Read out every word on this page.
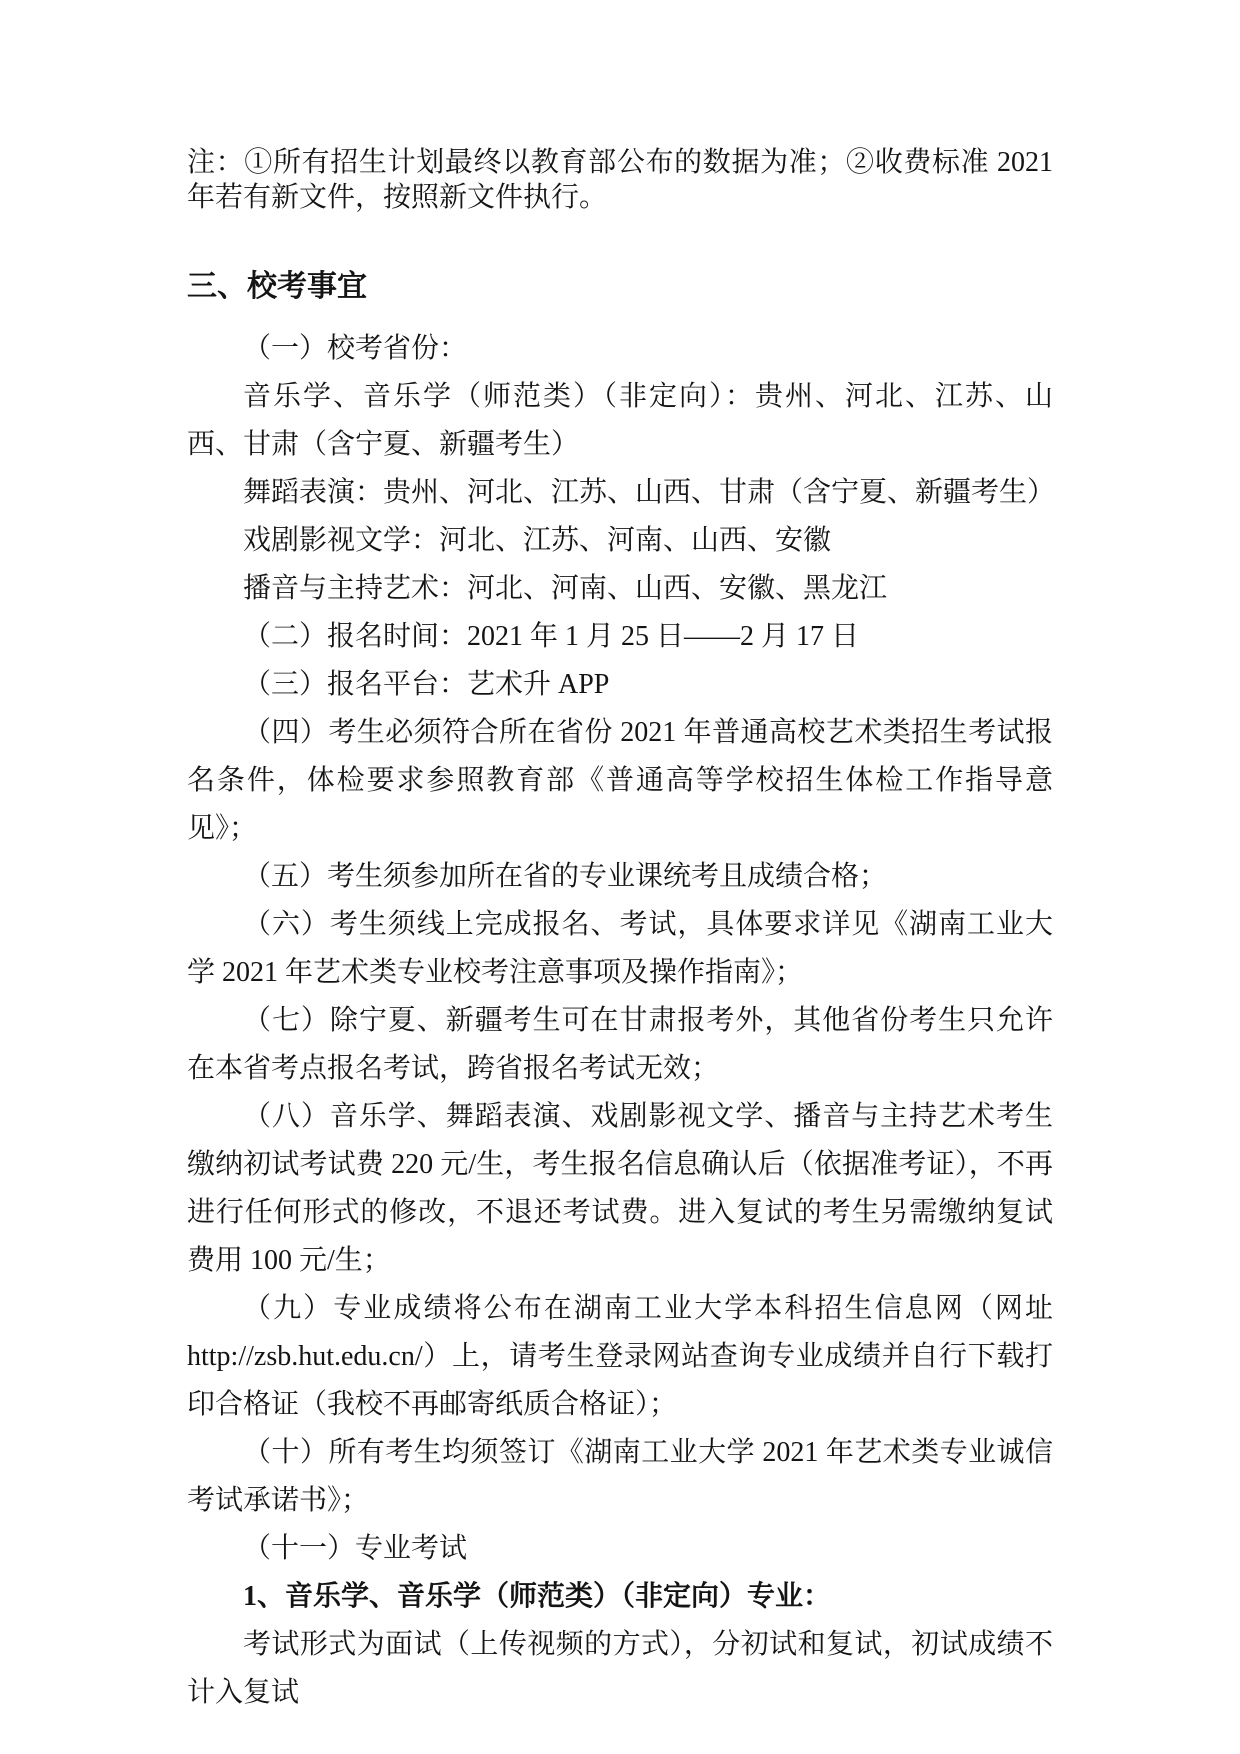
注：①所有招生计划最终以教育部公布的数据为准；②收费标准 2021 年若有新文件，按照新文件执行。

三、校考事宜

（一）校考省份：

音乐学、音乐学（师范类）（非定向）：贵州、河北、江苏、山西、甘肃（含宁夏、新疆考生）

舞蹈表演：贵州、河北、江苏、山西、甘肃（含宁夏、新疆考生）

戏剧影视文学：河北、江苏、河南、山西、安徽

播音与主持艺术：河北、河南、山西、安徽、黑龙江

（二）报名时间：2021 年 1 月 25 日——2 月 17 日

（三）报名平台：艺术升 APP

（四）考生必须符合所在省份 2021 年普通高校艺术类招生考试报名条件，体检要求参照教育部《普通高等学校招生体检工作指导意见》；

（五）考生须参加所在省的专业课统考且成绩合格；

（六）考生须线上完成报名、考试，具体要求详见《湖南工业大学 2021 年艺术类专业校考注意事项及操作指南》；

（七）除宁夏、新疆考生可在甘肃报考外，其他省份考生只允许在本省考点报名考试，跨省报名考试无效；

（八）音乐学、舞蹈表演、戏剧影视文学、播音与主持艺术考生缴纳初试考试费 220 元/生，考生报名信息确认后（依据准考证），不再进行任何形式的修改，不退还考试费。进入复试的考生另需缴纳复试费用 100 元/生；

（九）专业成绩将公布在湖南工业大学本科招生信息网（网址 http://zsb.hut.edu.cn/）上，请考生登录网站查询专业成绩并自行下载打印合格证（我校不再邮寄纸质合格证）；

（十）所有考生均须签订《湖南工业大学 2021 年艺术类专业诚信考试承诺书》；

（十一）专业考试

1、音乐学、音乐学（师范类）（非定向）专业：

考试形式为面试（上传视频的方式），分初试和复试，初试成绩不计入复试
